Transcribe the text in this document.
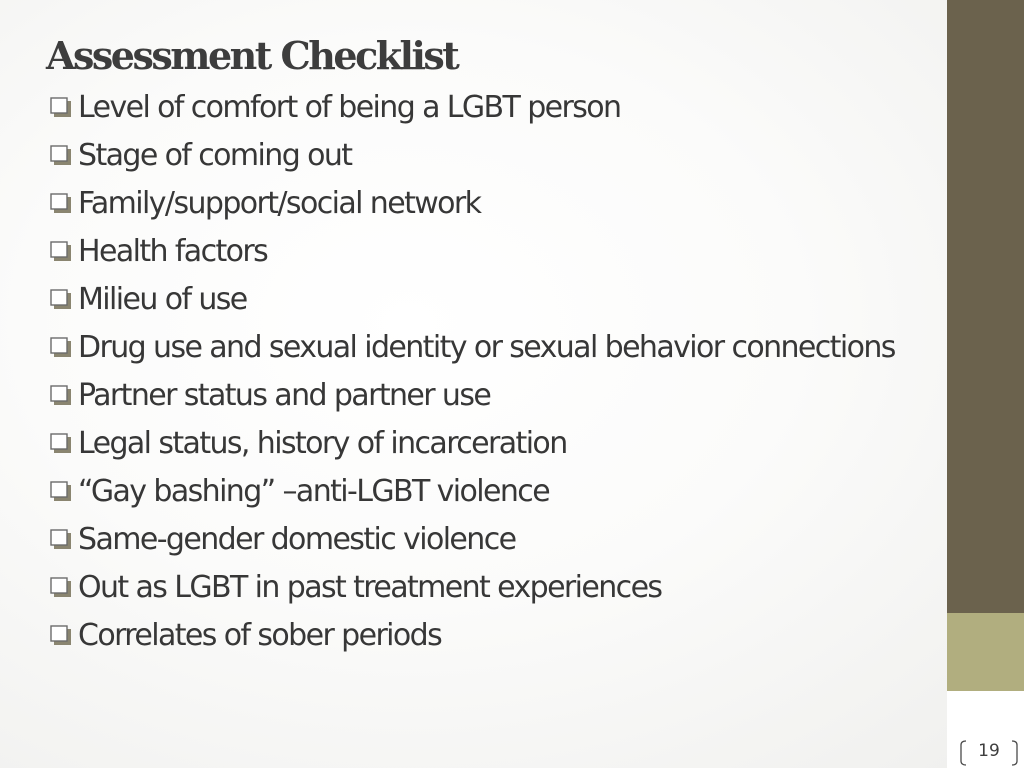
Assessment Checklist
Level of comfort of being a LGBT person
Stage of coming out
Family/support/social network
Health factors
Milieu of use
Drug use and sexual identity or sexual behavior connections
Partner status and partner use
Legal status, history of incarceration
“Gay bashing” –anti-LGBT violence
Same-gender domestic violence
Out as LGBT in past treatment experiences
Correlates of sober periods
19
